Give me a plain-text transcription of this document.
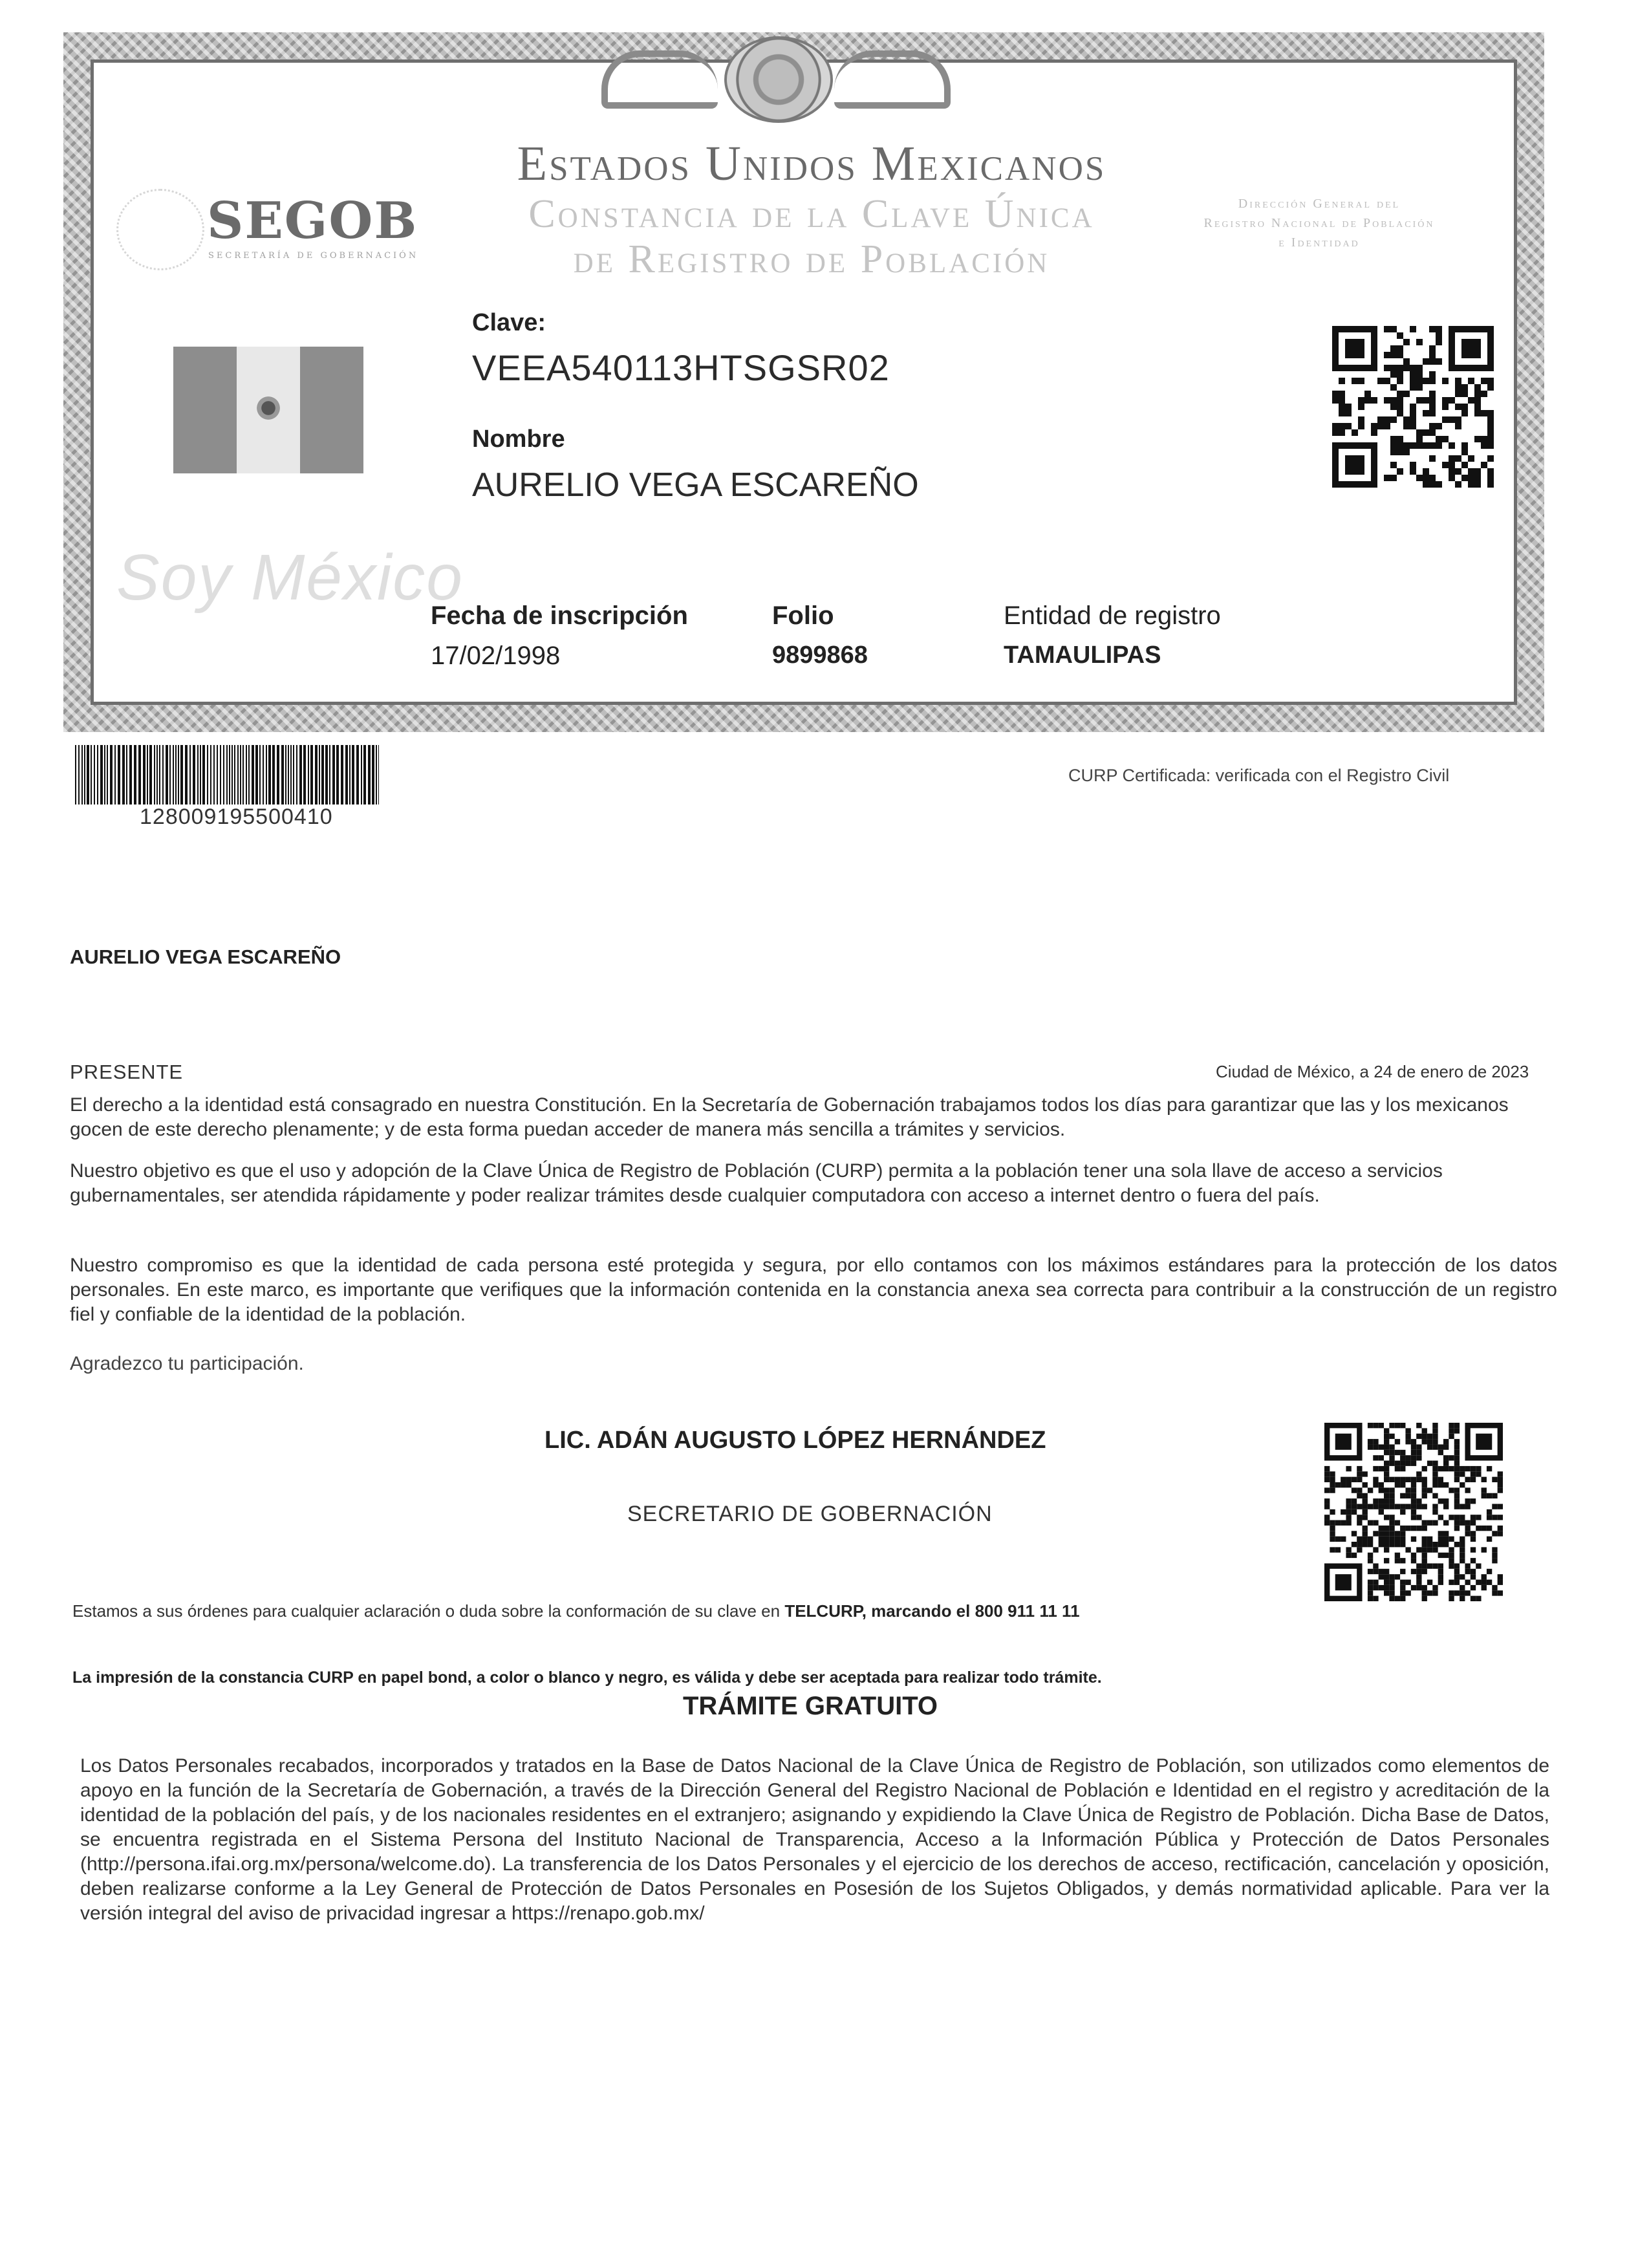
SEGOB
SECRETARÍA DE GOBERNACIÓN
Estados Unidos Mexicanos
Constancia de la Clave Única
de Registro de Población
Dirección General del
Registro Nacional de Población
e Identidad
Clave:
VEEA540113HTSGSR02
Nombre
AURELIO VEGA ESCAREÑO
Soy México
Fecha de inscripción
17/02/1998
Folio
9899868
Entidad de registro
TAMAULIPAS
128009195500410
CURP Certificada: verificada con el Registro Civil
AURELIO VEGA ESCAREÑO
PRESENTE	Ciudad de México, a 24 de enero de 2023
El derecho a la identidad está consagrado en nuestra Constitución. En la Secretaría de Gobernación trabajamos todos los días para garantizar que las y los mexicanos gocen de este derecho plenamente; y de esta forma puedan acceder de manera más sencilla a trámites y servicios.
Nuestro objetivo es que el uso y adopción de la Clave Única de Registro de Población (CURP) permita a la población tener una sola llave de acceso a servicios gubernamentales, ser atendida rápidamente y poder realizar trámites desde cualquier computadora con acceso a internet dentro o fuera del país.
Nuestro compromiso es que la identidad de cada persona esté protegida y segura, por ello contamos con los máximos estándares para la protección de los datos personales. En este marco, es importante que verifiques que la información contenida en la constancia anexa sea correcta para contribuir a la construcción de un registro fiel y confiable de la identidad de la población.
Agradezco tu participación.
LIC. ADÁN AUGUSTO LÓPEZ HERNÁNDEZ
SECRETARIO DE GOBERNACIÓN
Estamos a sus órdenes para cualquier aclaración o duda sobre la conformación de su clave en TELCURP, marcando el 800 911 11 11
La impresión de la constancia CURP en papel bond, a color o blanco y negro, es válida y debe ser aceptada para realizar todo trámite.
TRÁMITE GRATUITO
Los Datos Personales recabados, incorporados y tratados en la Base de Datos Nacional de la Clave Única de Registro de Población, son utilizados como elementos de apoyo en la función de la Secretaría de Gobernación, a través de la Dirección General del Registro Nacional de Población e Identidad en el registro y acreditación de la identidad de la población del país, y de los nacionales residentes en el extranjero; asignando y expidiendo la Clave Única de Registro de Población. Dicha Base de Datos, se encuentra registrada en el Sistema Persona del Instituto Nacional de Transparencia, Acceso a la Información Pública y Protección de Datos Personales (http://persona.ifai.org.mx/persona/welcome.do). La transferencia de los Datos Personales y el ejercicio de los derechos de acceso, rectificación, cancelación y oposición, deben realizarse conforme a la Ley General de Protección de Datos Personales en Posesión de los Sujetos Obligados, y demás normatividad aplicable. Para ver la versión integral del aviso de privacidad ingresar a https://renapo.gob.mx/
